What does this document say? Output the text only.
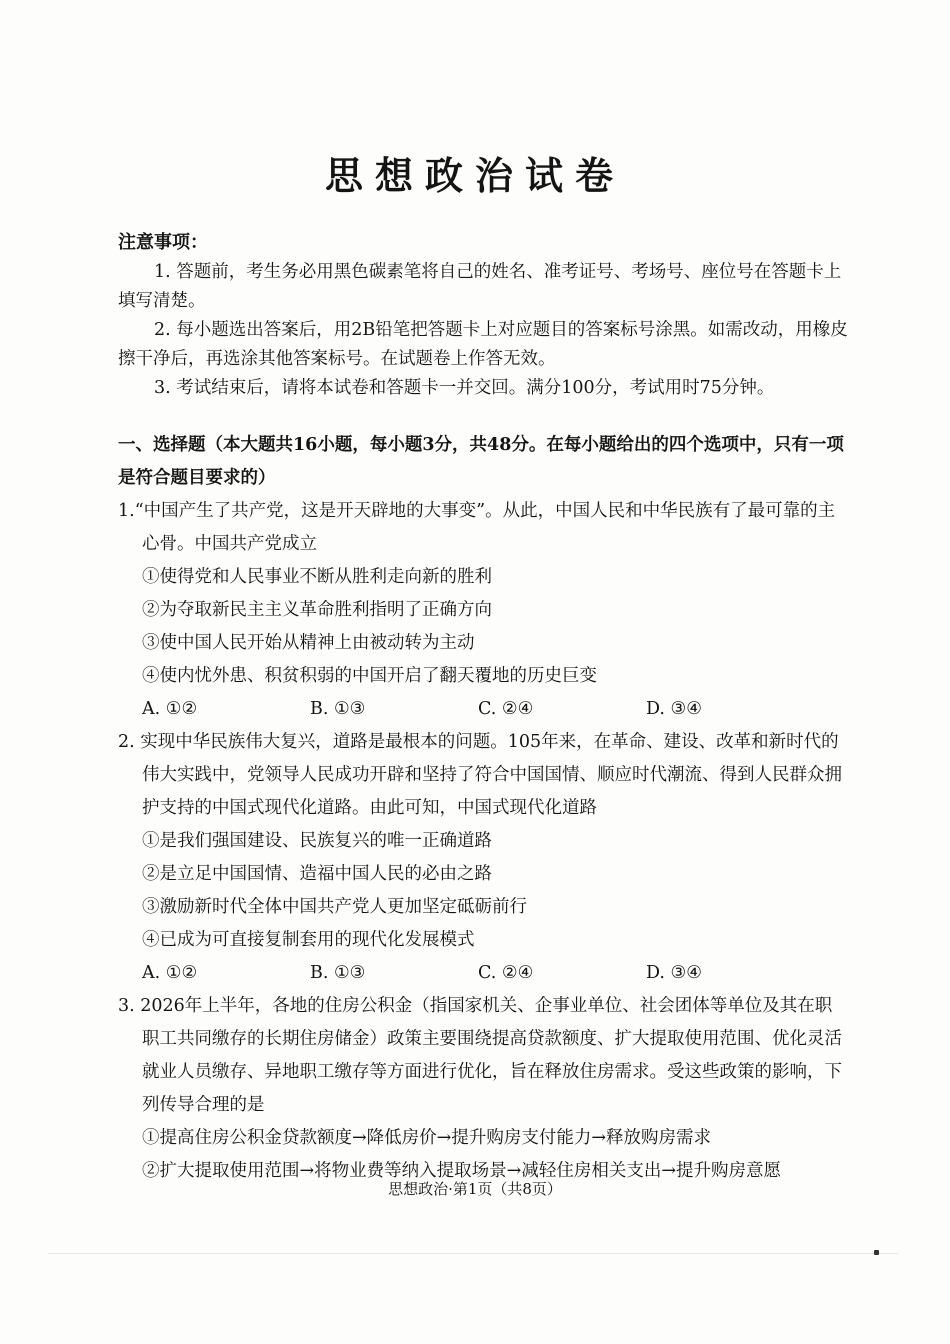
思想政治试卷
注意事项：

1. 答题前，考生务必用黑色碳素笔将自己的姓名、准考证号、考场号、座位号在答题卡上填写清楚。

2. 每小题选出答案后，用2B铅笔把答题卡上对应题目的答案标号涂黑。如需改动，用橡皮擦干净后，再选涂其他答案标号。在试题卷上作答无效。

3. 考试结束后，请将本试卷和答题卡一并交回。满分100分，考试用时75分钟。

一、选择题（本大题共16小题，每小题3分，共48分。在每小题给出的四个选项中，只有一项是符合题目要求的）
1.“中国产生了共产党，这是开天辟地的大事变”。从此，中国人民和中华民族有了最可靠的主心骨。中国共产党成立
①使得党和人民事业不断从胜利走向新的胜利
②为夺取新民主主义革命胜利指明了正确方向
③使中国人民开始从精神上由被动转为主动
④使内忧外患、积贫积弱的中国开启了翻天覆地的历史巨变
A. ①②	B. ①③	C. ②④	D. ③④
2. 实现中华民族伟大复兴，道路是最根本的问题。105年来，在革命、建设、改革和新时代的伟大实践中，党领导人民成功开辟和坚持了符合中国国情、顺应时代潮流、得到人民群众拥护支持的中国式现代化道路。由此可知，中国式现代化道路
①是我们强国建设、民族复兴的唯一正确道路
②是立足中国国情、造福中国人民的必由之路
③激励新时代全体中国共产党人更加坚定砥砺前行
④已成为可直接复制套用的现代化发展模式
A. ①②	B. ①③	C. ②④	D. ③④
3. 2026年上半年，各地的住房公积金（指国家机关、企事业单位、社会团体等单位及其在职职工共同缴存的长期住房储金）政策主要围绕提高贷款额度、扩大提取使用范围、优化灵活就业人员缴存、异地职工缴存等方面进行优化，旨在释放住房需求。受这些政策的影响，下列传导合理的是
①提高住房公积金贷款额度→降低房价→提升购房支付能力→释放购房需求
②扩大提取使用范围→将物业费等纳入提取场景→减轻住房相关支出→提升购房意愿
思想政治·第1页（共8页）
